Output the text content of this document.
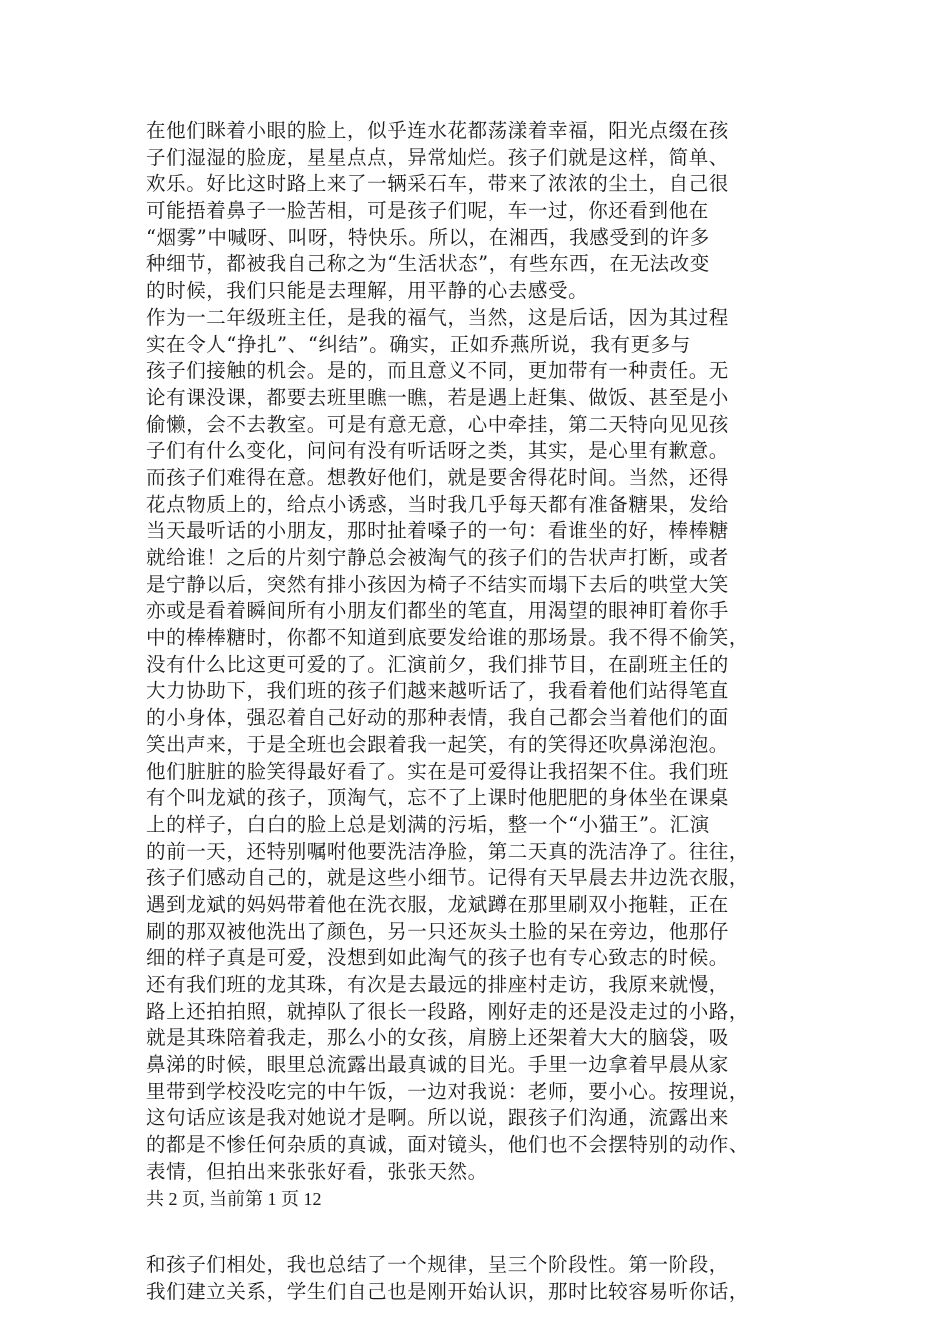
在他们眯着小眼的脸上，似乎连水花都荡漾着幸福，阳光点缀在孩
子们湿湿的脸庞，星星点点，异常灿烂。孩子们就是这样，简单、
欢乐。好比这时路上来了一辆采石车，带来了浓浓的尘土，自己很
可能捂着鼻子一脸苦相，可是孩子们呢，车一过，你还看到他在
“烟雾”中喊呀、叫呀，特快乐。所以，在湘西，我感受到的许多
种细节，都被我自己称之为“生活状态”，有些东西，在无法改变
的时候，我们只能是去理解，用平静的心去感受。
作为一二年级班主任，是我的福气，当然，这是后话，因为其过程
实在令人“挣扎”、“纠结”。确实，正如乔燕所说，我有更多与
孩子们接触的机会。是的，而且意义不同，更加带有一种责任。无
论有课没课，都要去班里瞧一瞧，若是遇上赶集、做饭、甚至是小
偷懒，会不去教室。可是有意无意，心中牵挂，第二天特向见见孩
子们有什么变化，问问有没有听话呀之类，其实，是心里有歉意。
而孩子们难得在意。想教好他们，就是要舍得花时间。当然，还得
花点物质上的，给点小诱惑，当时我几乎每天都有准备糖果，发给
当天最听话的小朋友，那时扯着嗓子的一句：看谁坐的好，棒棒糖
就给谁！之后的片刻宁静总会被淘气的孩子们的告状声打断，或者
是宁静以后，突然有排小孩因为椅子不结实而塌下去后的哄堂大笑
亦或是看着瞬间所有小朋友们都坐的笔直，用渴望的眼神盯着你手
中的棒棒糖时，你都不知道到底要发给谁的那场景。我不得不偷笑，
没有什么比这更可爱的了。汇演前夕，我们排节目，在副班主任的
大力协助下，我们班的孩子们越来越听话了，我看着他们站得笔直
的小身体，强忍着自己好动的那种表情，我自己都会当着他们的面
笑出声来，于是全班也会跟着我一起笑，有的笑得还吹鼻涕泡泡。
他们脏脏的脸笑得最好看了。实在是可爱得让我招架不住。我们班
有个叫龙斌的孩子，顶淘气，忘不了上课时他肥肥的身体坐在课桌
上的样子，白白的脸上总是划满的污垢，整一个“小猫王”。汇演
的前一天，还特别嘱咐他要洗洁净脸，第二天真的洗洁净了。往往，
孩子们感动自己的，就是这些小细节。记得有天早晨去井边洗衣服，
遇到龙斌的妈妈带着他在洗衣服，龙斌蹲在那里刷双小拖鞋，正在
刷的那双被他洗出了颜色，另一只还灰头土脸的呆在旁边，他那仔
细的样子真是可爱，没想到如此淘气的孩子也有专心致志的时候。
还有我们班的龙其珠，有次是去最远的排座村走访，我原来就慢，
路上还拍拍照，就掉队了很长一段路，刚好走的还是没走过的小路，
就是其珠陪着我走，那么小的女孩，肩膀上还架着大大的脑袋，吸
鼻涕的时候，眼里总流露出最真诚的目光。手里一边拿着早晨从家
里带到学校没吃完的中午饭，一边对我说：老师，要小心。按理说，
这句话应该是我对她说才是啊。所以说，跟孩子们沟通，流露出来
的都是不惨任何杂质的真诚，面对镜头，他们也不会摆特别的动作、
表情，但拍出来张张好看，张张天然。
共 2 页, 当前第 1 页 12
和孩子们相处，我也总结了一个规律，呈三个阶段性。第一阶段，
我们建立关系，学生们自己也是刚开始认识，那时比较容易听你话，
